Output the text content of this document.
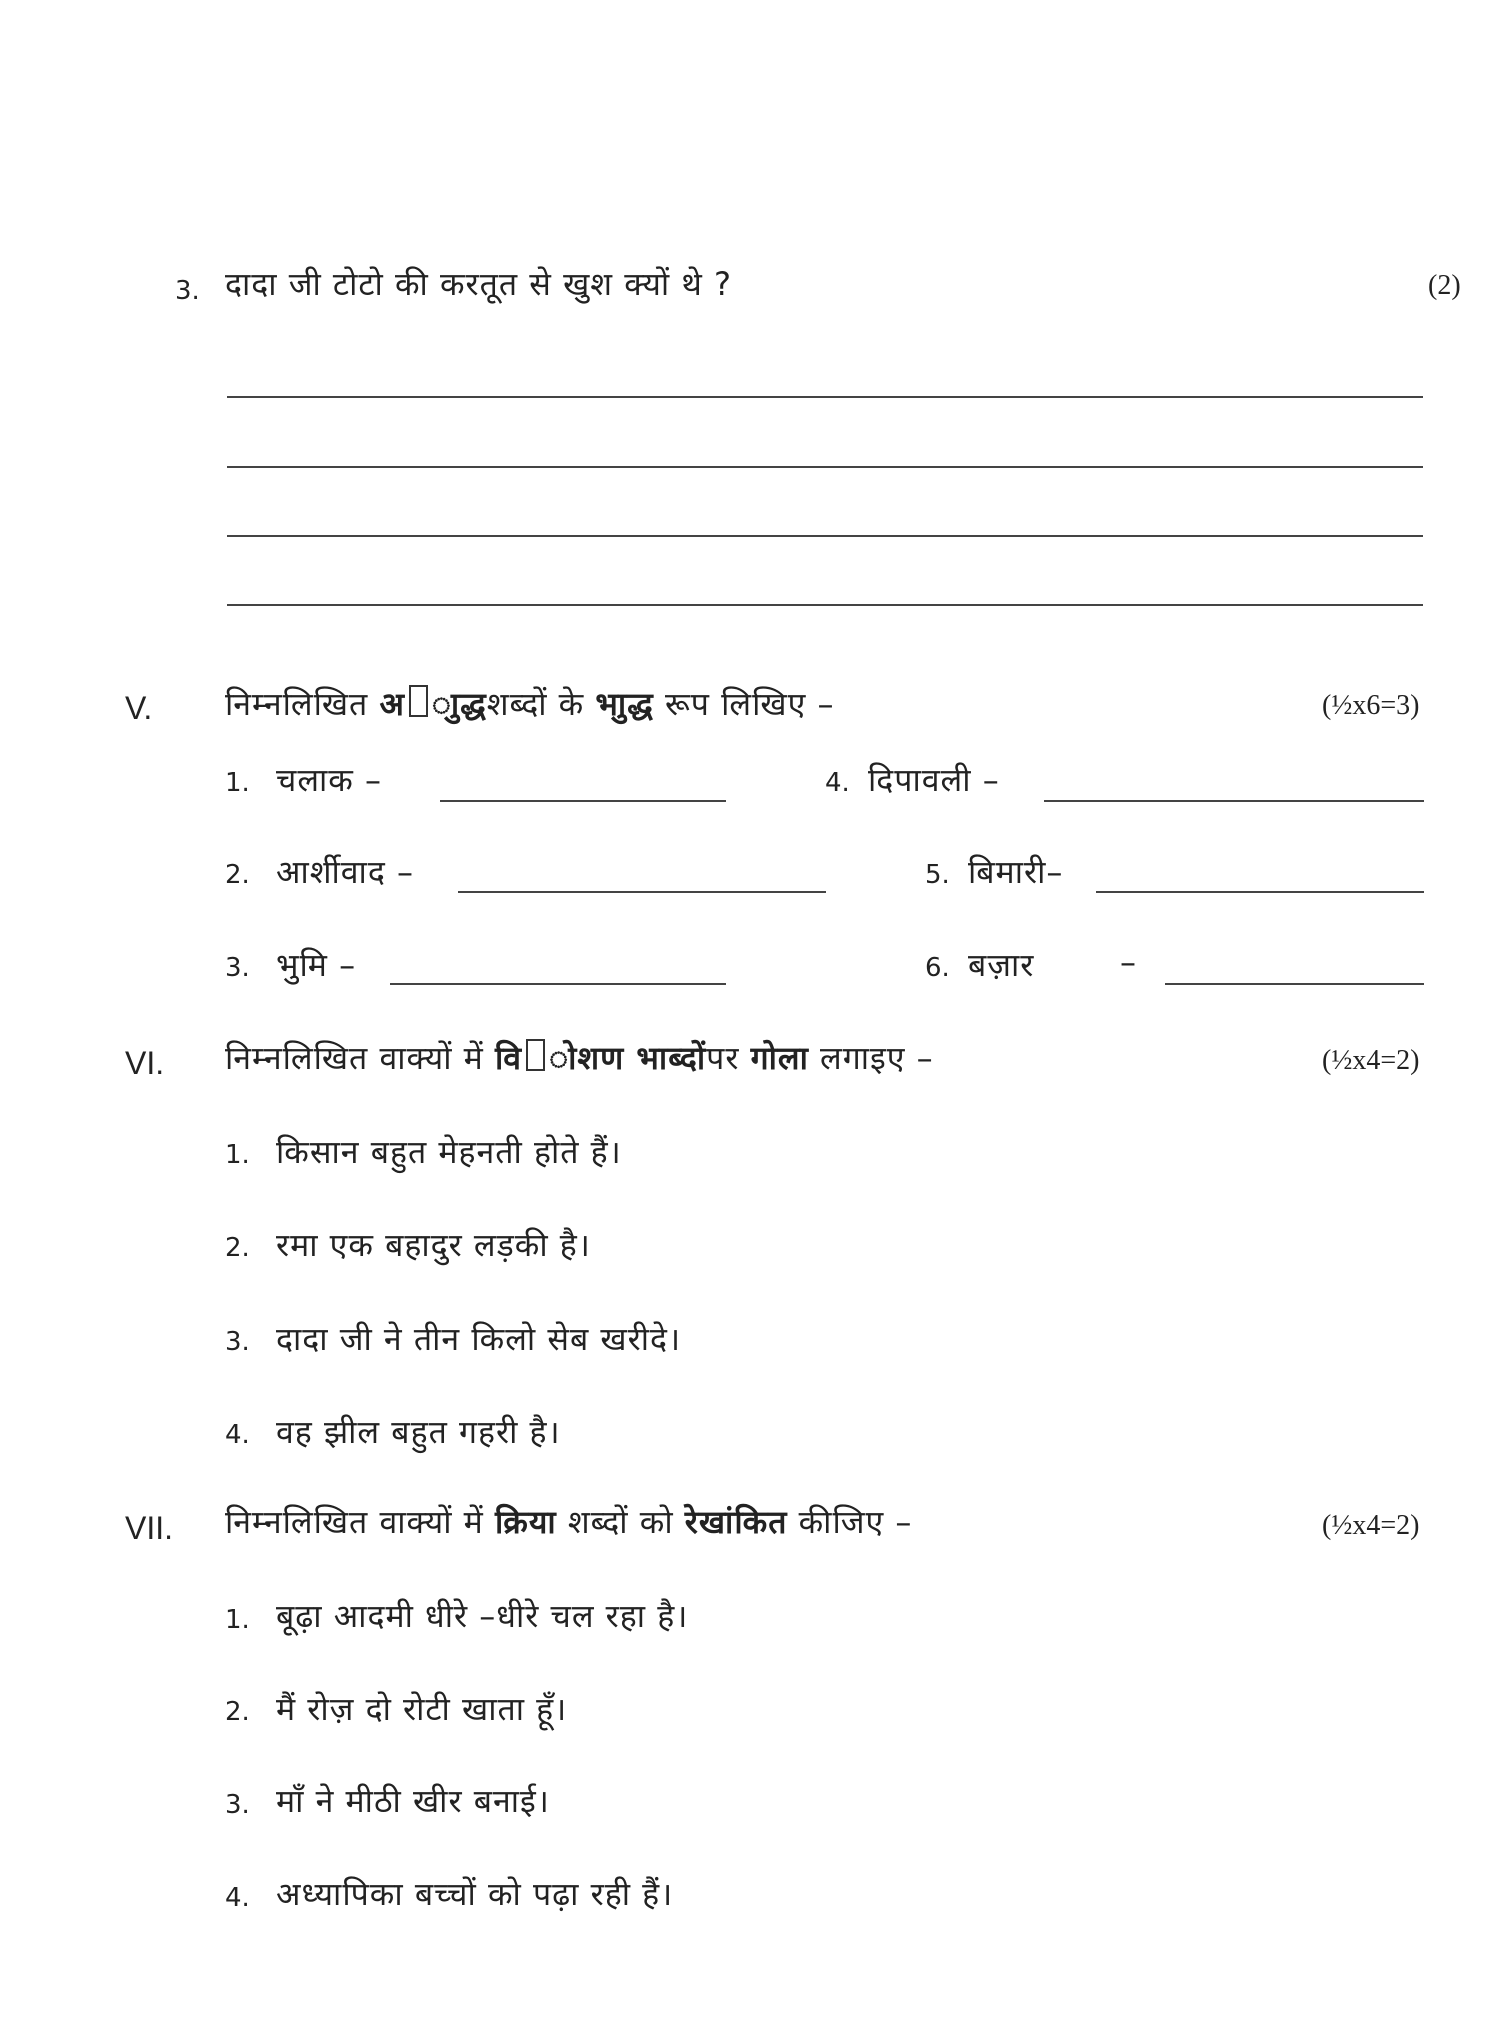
3. दादा जी टोटो की करतूत से खुश क्यों थे ?	(2)
V. निम्नलिखित अ ाुद्धशब्दों के भाुद्ध रूप लिखिए –	(½x6=3)
1. चलाक –	4. दिपावली –
2. आर्शीवाद –	5. बिमारी–
3. भुमि –	6. बज़ार	–
VI. निम्नलिखित वाक्यों में वि ोशण भाब्दोंपर गोला लगाइए –	(½x4=2)
1. किसान बहुत मेहनती होते हैं।
2. रमा एक बहादुर लड़की है।
3. दादा जी ने तीन किलो सेब खरीदे।
4. वह झील बहुत गहरी है।
VII. निम्नलिखित वाक्यों में क्रिया शब्दों को रेखांकित कीजिए –	(½x4=2)
1. बूढ़ा आदमी धीरे –धीरे चल रहा है।
2. मैं रोज़ दो रोटी खाता हूँ।
3. माँ ने मीठी खीर बनाई।
4. अध्यापिका बच्चों को पढ़ा रही हैं।
